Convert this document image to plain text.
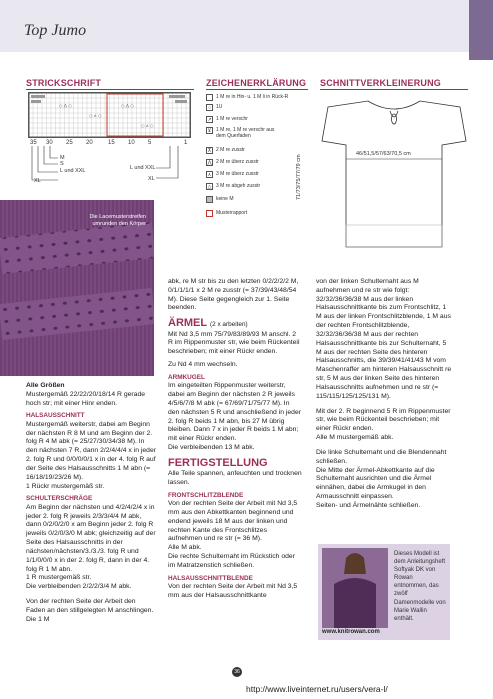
Top Jumo
STRICKSCHRIFT	ZEICHENERKLÄRUNG SCHNITTVERKLEINERUNG
○ ⋀ ○
○ ⋏ ○
○ ⋀ ○
○ ⋏ ○
35 30 25 20	15 10 5	1
M
S
L und XXL
XL
L und XXL
XL
1 M re in Hin- u. 1 M li in Rück-R
○ 1U
↗ 1 M re verschr
⊻ 1 M re, 1 M re verschr aus dem Querfaden
⊼ 2 M re zusstr
⋀ 2 M re überz zusstr
⋏ 3 M re überz zusstr
△ 3 M re abgeh zusstr
keine M
Musterrapport
46/51,5/57/63/70,5 cm
71/73/75/77/79 cm
Die Lacemusterstreifen umrunden den Körper
Alle Größen
Mustergemäß 22/22/20/18/14 R gerade hoch str; mit einer Hinr enden.
HALSAUSSCHNITT
Mustergemäß weiterstr, dabei am Beginn der nächsten R 8 M und am Beginn der 2. folg R 4 M abk (= 25/27/30/34/38 M). In den nächsten 7 R, dann 2/2/4/4/4 x in jeder 2. folg R und 0/0/0/0/1 x in der 4. folg R auf der Seite des Halsausschnitts 1 M abn (= 16/18/19/23/26 M).
1 Rückr mustergemäß str.
SCHULTERSCHRÄGE
Am Beginn der nächsten und 4/2/4/2/4 x in jeder 2. folg R jeweils 2/3/3/4/4 M abk, dann 0/2/0/2/0 x am Beginn jeder 2. folg R jeweils 0/2/0/3/0 M abk; gleichzeitig auf der Seite des Halsausschnitts in der nächsten/nächsten/3./3./3. folg R und 1/1/0/0/0 x in der 2. folg R, dann in der 4. folg R 1 M abn.
1 R mustergemäß str.
Die verbleibenden 2/2/2/3/4 M abk.
Von der rechten Seite der Arbeit den Faden an den stillgelegten M anschlingen. Die 1 M
abk, re M str bis zu den letzten 0/2/2/2/2 M, 0/1/1/1/1 x 2 M re zusstr (= 37/39/43/48/54 M). Diese Seite gegengleich zur 1. Seite beenden.
ÄRMEL (2 x arbeiten)
Mit Nd 3,5 mm 75/79/83/89/93 M anschl. 2 R im Rippenmuster str, wie beim Rückenteil beschrieben; mit einer Rückr enden.
Zu Nd 4 mm wechseln.
ARMKUGEL
Im eingeteilten Rippenmuster weiterstr, dabei am Beginn der nächsten 2 R jeweils 4/5/6/7/8 M abk (= 67/69/71/75/77 M). In den nächsten 5 R und anschließend in jeder 2. folg R beids 1 M abn, bis 27 M übrig bleiben. Dann 7 x in jeder R beids 1 M abn; mit einer Rückr enden.
Die verbleibenden 13 M abk.
FERTIGSTELLUNG
Alle Teile spannen, anfeuchten und trocknen lassen.
FRONTSCHLITZBLENDE
Von der rechten Seite der Arbeit mit Nd 3,5 mm aus den Abkettkanten beginnend und endend jeweils 18 M aus der linken und rechten Kante des Frontschlitzes aufnehmen und re str (= 36 M).
Alle M abk.
Die rechte Schulternaht im Rückstich oder im Matratzenstich schließen.
HALSAUSSCHNITTBLENDE
Von der rechten Seite der Arbeit mit Nd 3,5 mm aus der Halsausschnittkante
von der linken Schulternaht aus M aufnehmen und re str wie folgt: 32/32/36/36/38 M aus der linken Halsausschnittkante bis zum Frontschlitz, 1 M aus der linken Frontschlitzblende, 1 M aus der rechten Frontschlitzblende, 32/32/36/36/38 M aus der rechten Halsausschnittkante bis zur Schulternaht, 5 M aus der rechten Seite des hinteren Halsausschnitts, die 39/39/41/41/43 M vom Maschenraffer am hinteren Halsausschnitt re str, 5 M aus der linken Seite des hinteren Halsausschnitts aufnehmen und re str (= 115/115/125/125/131 M).
Mit der 2. R beginnend 5 R im Rippenmuster str, wie beim Rückenteil beschrieben; mit einer Rückr enden.
Alle M mustergemäß abk.
Die linke Schulternaht und die Blendennaht schließen.
Die Mitte der Ärmel-Abkettkante auf die Schulternaht ausrichten und die Ärmel einnähen, dabei die Armkugel in den Armausschnitt einpassen.
Seiten- und Ärmelnähte schließen.
Dieses Modell ist dem Anleitungsheft Softyak DK von Rowan entnommen, das zwölf Damenmodelle von Marie Wallin enthält.
www.knitrowan.com
36
http://www.liveinternet.ru/users/vera-l/
